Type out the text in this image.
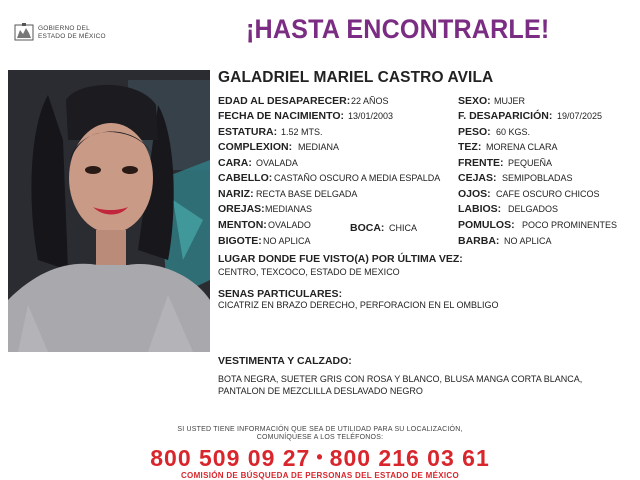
GOBIERNO DEL
ESTADO DE MÉXICO	¡HASTA ENCONTRARLE!
GALADRIEL MARIEL CASTRO AVILA
EDAD AL DESAPARECER: 22 AÑOS
FECHA DE NACIMIENTO: 13/01/2003
ESTATURA: 1.52 MTS.
COMPLEXION: MEDIANA
CARA: OVALADA
CABELLO: CASTAÑO OSCURO A MEDIA ESPALDA
NARIZ: RECTA BASE DELGADA
OREJAS: MEDIANAS
MENTON: OVALADO	BOCA: CHICA
BIGOTE: NO APLICA
SEXO: MUJER
F. DESAPARICIÓN: 19/07/2025
PESO: 60 KGS.
TEZ: MORENA CLARA
FRENTE: PEQUEÑA
CEJAS: SEMIPOBLADAS
OJOS: CAFE OSCURO CHICOS
LABIOS: DELGADOS
POMULOS: POCO PROMINENTES
BARBA: NO APLICA
LUGAR DONDE FUE VISTO(A) POR ÚLTIMA VEZ:
CENTRO, TEXCOCO, ESTADO DE MEXICO
SENAS PARTICULARES:
CICATRIZ EN BRAZO DERECHO, PERFORACION EN EL OMBLIGO
VESTIMENTA Y CALZADO:
BOTA NEGRA, SUETER GRIS CON ROSA Y BLANCO, BLUSA MANGA CORTA BLANCA,
PANTALON DE MEZCLILLA DESLAVADO NEGRO
SI USTED TIENE INFORMACIÓN QUE SEA DE UTILIDAD PARA SU LOCALIZACIÓN,
COMUNÍQUESE A LOS TELÉFONOS:
800 509 09 27 • 800 216 03 61
COMISIÓN DE BÚSQUEDA DE PERSONAS DEL ESTADO DE MÉXICO
